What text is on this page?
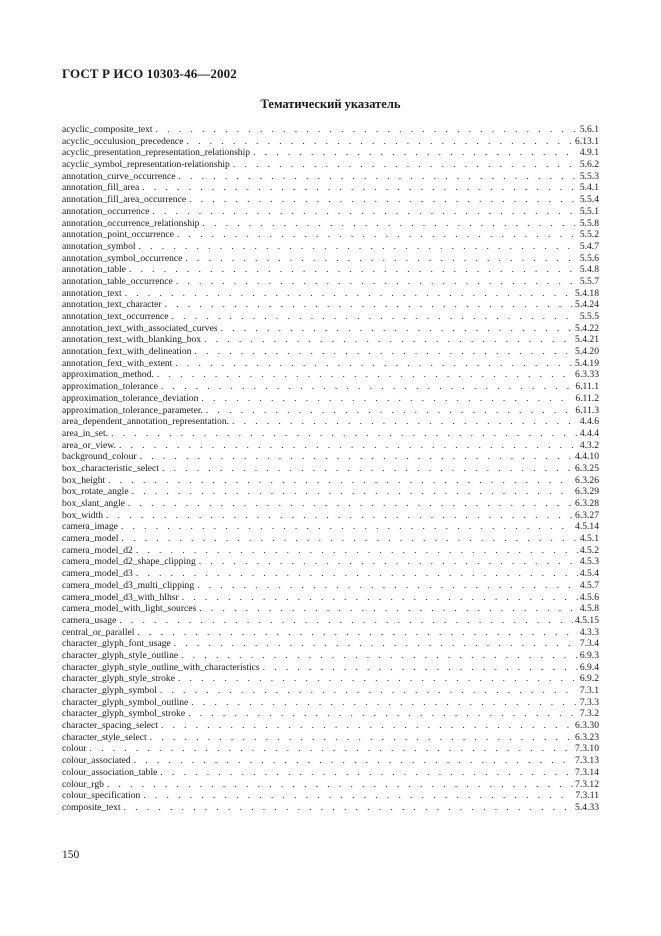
ГОСТ Р ИСО 10303-46—2002
Тематический указатель
acyclic_composite_text . . .	5.6.1
acyclic_occulusion_precedence . . .	6.13.1
acyclic_presentation_representation_relationship . . .	4.9.1
acyclic_symbol_representation-relationship . . .	5.6.2
annotation_curve_occurrence . . .	5.5.3
annotation_fill_area . . .	5.4.1
annotation_fill_area_occurrence . . .	5.5.4
annotation_occurrence . . .	5.5.1
annotation_occurrence_relationship . . .	5.5.8
annotation_point_occurrence . . .	5.5.2
annotation_symbol . . .	5.4.7
annotation_symbol_occurrence . . .	5.5.6
annotation_table . . .	5.4.8
annotation_table_occurrence . . .	5.5.7
annotation_text . . .	5.4.18
annotation_text_character . . .	5.4.24
annotation_text_occurrence . . .	5.5.5
annotation_text_with_associated_curves . . .	5.4.22
annotation_text_with_blanking_box . . .	5.4.21
annotation_fext_with_delineation . . .	5.4.20
annotation_fext_with_extent . . .	5.4.19
approximation_method. . . .	6.3.33
approximation_tolerance . . .	6.11.1
approximation_tolerance_deviation . . .	6.11.2
approximation_tolerance_parameter. . . .	6.11.3
area_dependent_annotation_representation. . . .	4.4.6
area_in_set. . . .	4.4.4
area_or_view. . . .	4.3.2
background_colour . . .	4.4.10
box_characteristic_select . . .	6.3.25
box_height . . .	6.3.26
box_rotate_angle . . .	6.3.29
box_slant_angle . . .	6.3.28
box_width . . .	6.3.27
camera_image . . .	4.5.14
camera_model . . .	4.5.1
camera_model_d2 . . .	4.5.2
camera_model_d2_shape_clipping . . .	4.5.3
camera_model_d3 . . .	4.5.4
camera_model_d3_multi_clipping . . .	4.5.7
camera_model_d3_with_hlhsr . . .	4.5.6
camera_model_with_light_sources . . .	4.5.8
camera_usage . . .	4.5.15
central_or_parallel . . .	4.3.3
character_glyph_font_usage . . .	7.3.4
character_glyph_style_outline . . .	6.9.3
character_glyph_style_outline_with_characteristics . . .	6.9.4
character_glyph_style_stroke . . .	6.9.2
character_glyph_symbol . . .	7.3.1
character_glyph_symbol_outline . . .	7.3.3
character_glyph_symbol_stroke . . .	7.3.2
character_spacing_select . . .	6.3.30
character_style_select . . .	6.3.23
colour . . .	7.3.10
colour_associated . . .	7.3.13
colour_association_table . . .	7.3.14
colour_rgb . . .	7.3.12
colour_specification . . .	7.3.11
composite_text . . .	5.4.33
150
